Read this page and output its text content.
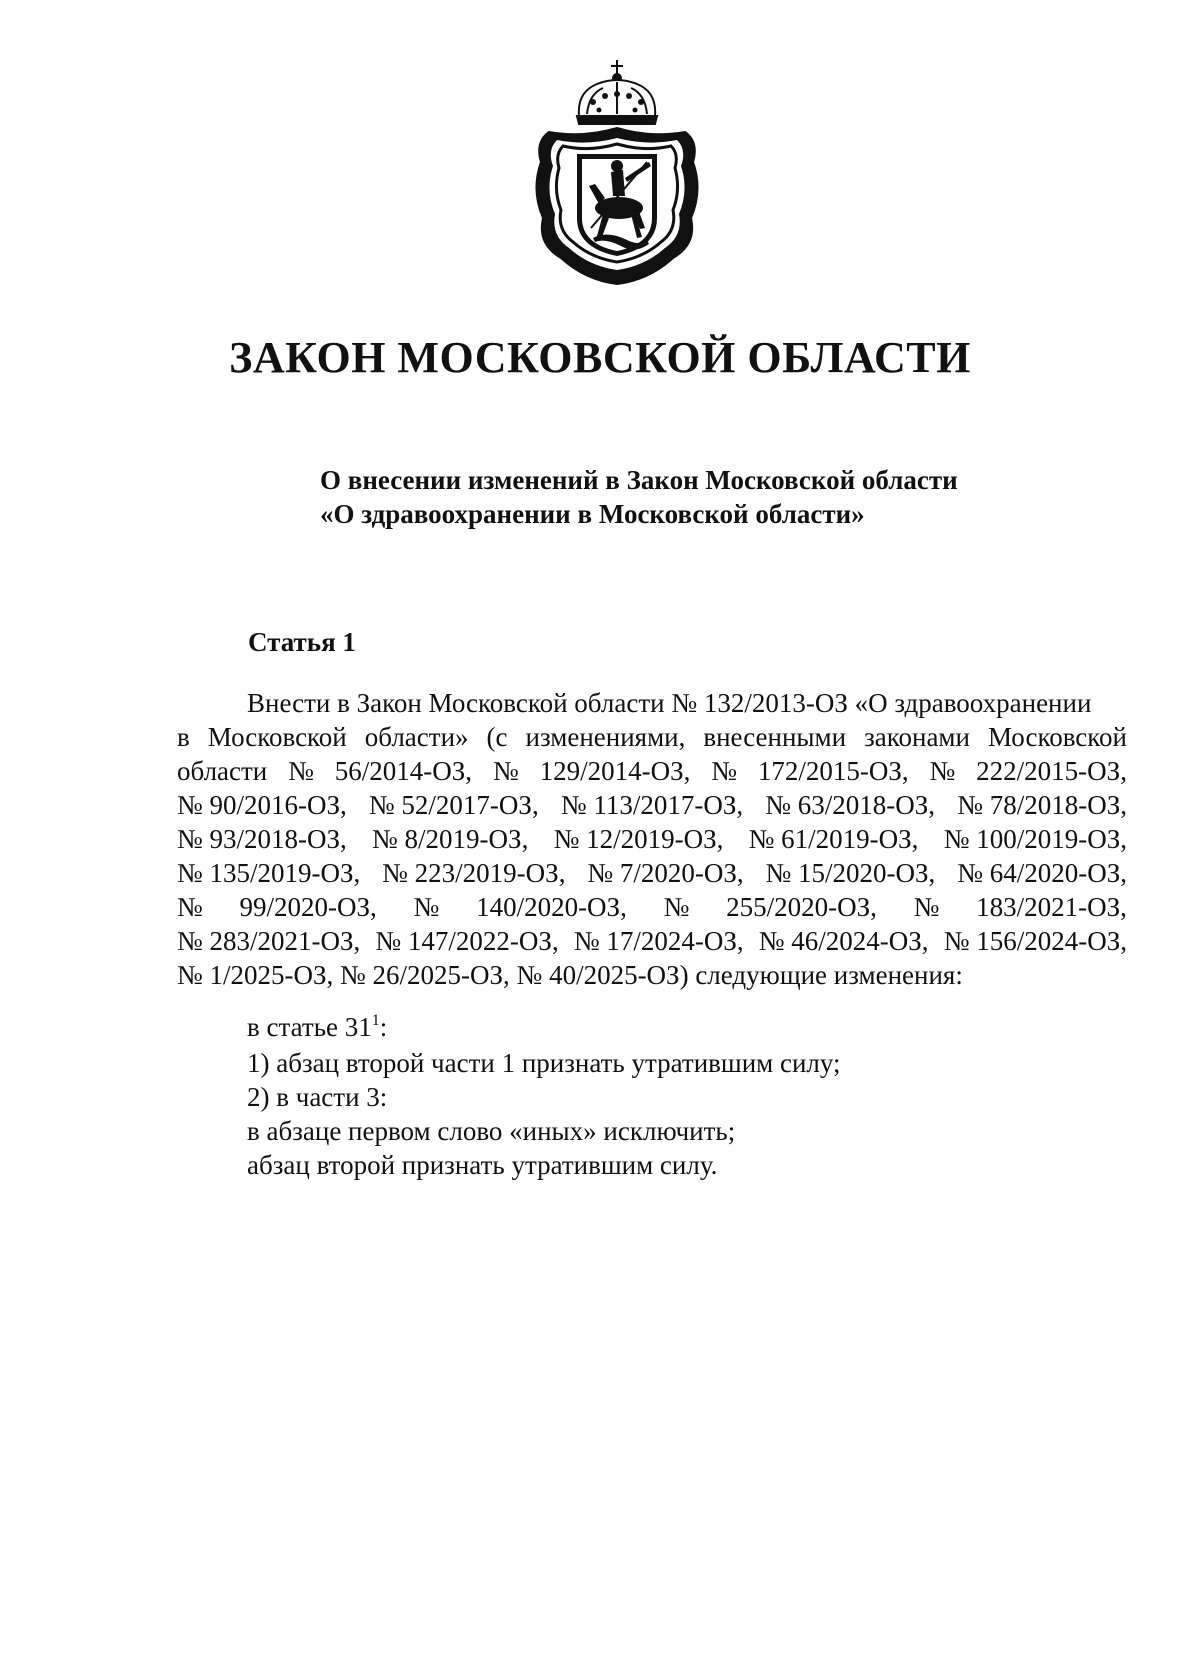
ЗАКОН МОСКОВСКОЙ ОБЛАСТИ
О внесении изменений в Закон Московской области
«О здравоохранении в Московской области»
Статья 1
Внести в Закон Московской области № 132/2013-ОЗ «О здравоохранении
в Московской области» (с изменениями, внесенными законами Московской
области № 56/2014-ОЗ, № 129/2014-ОЗ, № 172/2015-ОЗ, № 222/2015-ОЗ,
№ 90/2016-ОЗ, № 52/2017-ОЗ, № 113/2017-ОЗ, № 63/2018-ОЗ, № 78/2018-ОЗ,
№ 93/2018-ОЗ, № 8/2019-ОЗ, № 12/2019-ОЗ, № 61/2019-ОЗ, № 100/2019-ОЗ,
№ 135/2019-ОЗ, № 223/2019-ОЗ, № 7/2020-ОЗ, № 15/2020-ОЗ, № 64/2020-ОЗ,
№ 99/2020-ОЗ, № 140/2020-ОЗ, № 255/2020-ОЗ, № 183/2021-ОЗ,
№ 283/2021-ОЗ, № 147/2022-ОЗ, № 17/2024-ОЗ, № 46/2024-ОЗ, № 156/2024-ОЗ,
№ 1/2025-ОЗ, № 26/2025-ОЗ, № 40/2025-ОЗ) следующие изменения:
в статье $31^1$:
1) абзац второй части 1 признать утратившим силу;
2) в части 3:
в абзаце первом слово «иных» исключить;
абзац второй признать утратившим силу.
